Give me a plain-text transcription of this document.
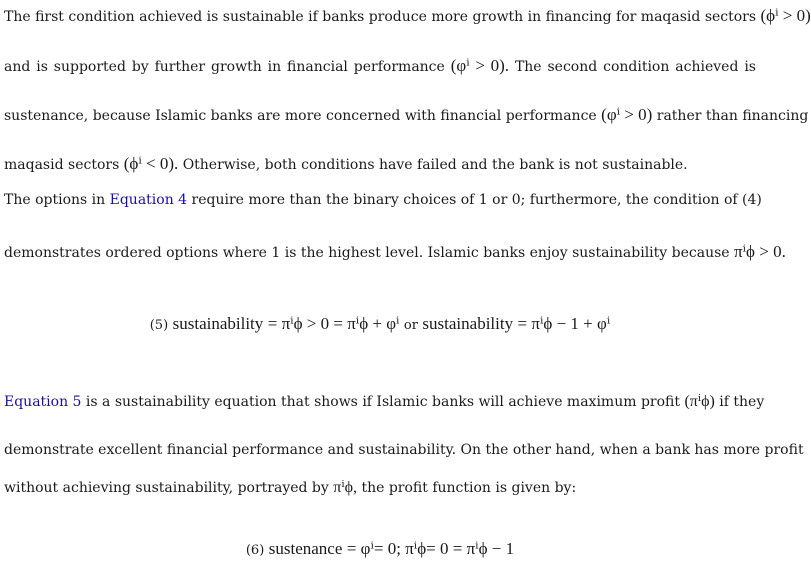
The first condition achieved is sustainable if banks produce more growth in financing for maqasid sectors (ϕⁱ > 0)
and is supported by further growth in financial performance (φⁱ > 0). The second condition achieved is
sustenance, because Islamic banks are more concerned with financial performance (φⁱ > 0) rather than financing
maqasid sectors (ϕⁱ < 0). Otherwise, both conditions have failed and the bank is not sustainable.
The options in Equation 4 require more than the binary choices of 1 or 0; furthermore, the condition of (4)
demonstrates ordered options where 1 is the highest level. Islamic banks enjoy sustainability because πⁱϕ > 0.
(5) sustainability = πⁱϕ > 0 = πⁱϕ + φⁱ or sustainability = πⁱϕ − 1 + φⁱ
Equation 5 is a sustainability equation that shows if Islamic banks will achieve maximum profit (πⁱϕ) if they
demonstrate excellent financial performance and sustainability. On the other hand, when a bank has more profit
without achieving sustainability, portrayed by πⁱϕ, the profit function is given by:
(6) sustenance = φⁱ= 0; πⁱϕ= 0 = πⁱϕ − 1
